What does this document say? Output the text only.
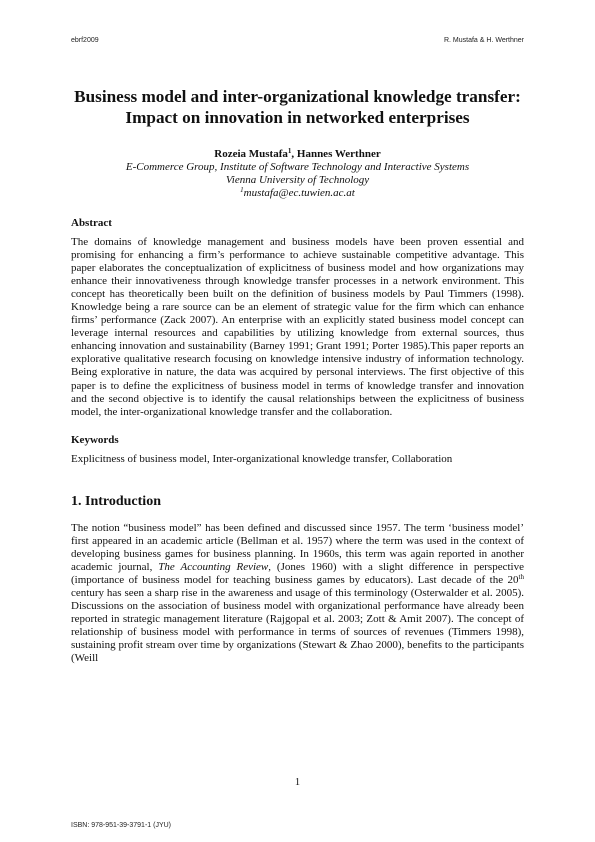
ebrf2009	R. Mustafa & H. Werthner
Business model and inter-organizational knowledge transfer: Impact on innovation in networked enterprises
Rozeia Mustafa$^1$, Hannes Werthner
E-Commerce Group, Institute of Software Technology and Interactive Systems
Vienna University of Technology
$^1$mustafa@ec.tuwien.ac.at
Abstract
The domains of knowledge management and business models have been proven essential and promising for enhancing a firm’s performance to achieve sustainable competitive advantage. This paper elaborates the conceptualization of explicitness of business model and how organizations may enhance their innovativeness through knowledge transfer processes in a network environment. This concept has theoretically been built on the definition of business models by Paul Timmers (1998). Knowledge being a rare source can be an element of strategic value for the firm which can enhance firms’ performance (Zack 2007). An enterprise with an explicitly stated business model concept can leverage internal resources and capabilities by utilizing knowledge from external sources, thus enhancing innovation and sustainability (Barney 1991; Grant 1991; Porter 1985).This paper reports an explorative qualitative research focusing on knowledge intensive industry of information technology. Being explorative in nature, the data was acquired by personal interviews. The first objective of this paper is to define the explicitness of business model in terms of knowledge transfer and innovation and the second objective is to identify the causal relationships between the explicitness of business model, the inter-organizational knowledge transfer and the collaboration.
Keywords
Explicitness of business model, Inter-organizational knowledge transfer, Collaboration
1. Introduction
The notion “business model” has been defined and discussed since 1957. The term ‘business model’ first appeared in an academic article (Bellman et al. 1957) where the term was used in the context of developing business games for business planning. In 1960s, this term was again reported in another academic journal, The Accounting Review, (Jones 1960) with a slight difference in perspective (importance of business model for teaching business games by educators). Last decade of the 20th century has seen a sharp rise in the awareness and usage of this terminology (Osterwalder et al. 2005). Discussions on the association of business model with organizational performance have already been reported in strategic management literature (Rajgopal et al. 2003; Zott & Amit 2007). The concept of relationship of business model with performance in terms of sources of revenues (Timmers 1998), sustaining profit stream over time by organizations (Stewart & Zhao 2000), benefits to the participants (Weill
1
ISBN: 978-951-39-3791-1 (JYU)
